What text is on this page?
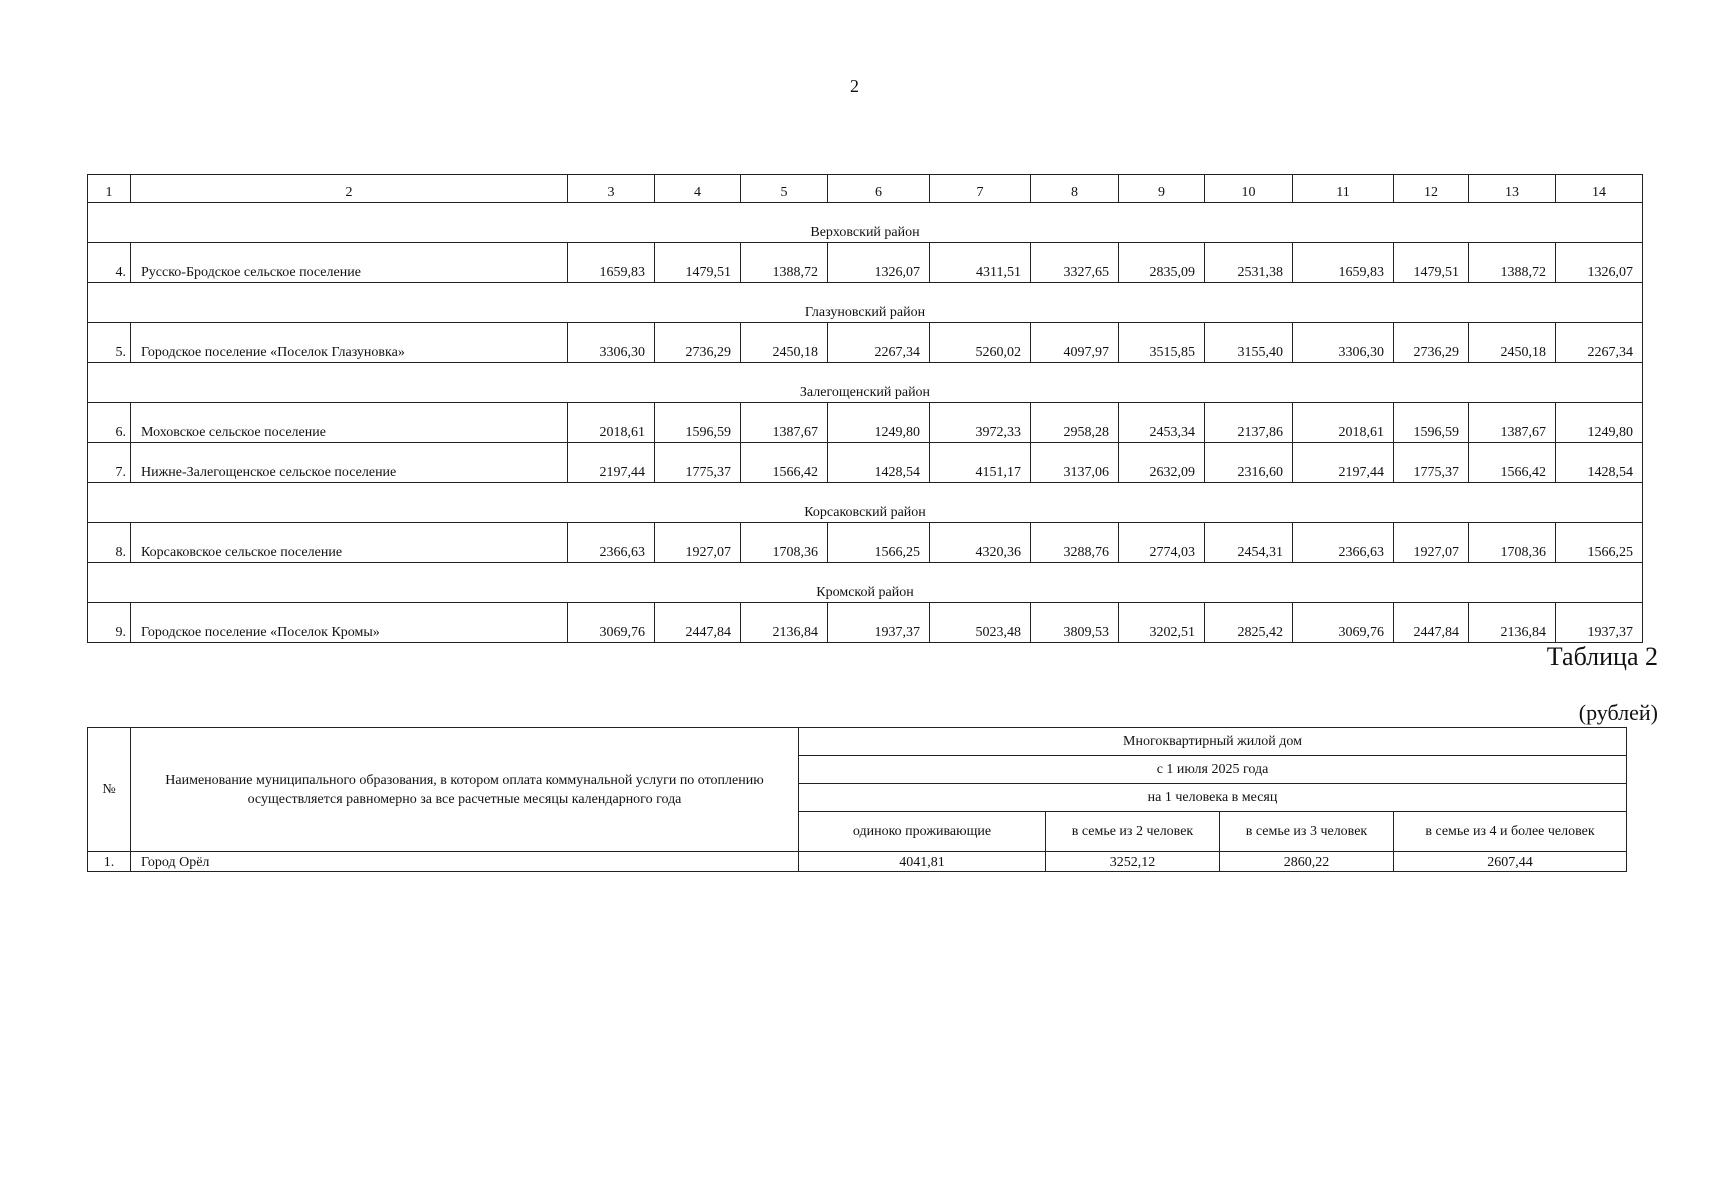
2
1	2	3	4	5	6	7	8	9	10	11	12	13	14
Верховский район													
4.	Русско-Бродское сельское поселение	1659,83	1479,51	1388,72	1326,07	4311,51	3327,65	2835,09	2531,38	1659,83	1479,51	1388,72	1326,07
Глазуновский район													
5.	Городское поселение «Поселок Глазуновка»	3306,30	2736,29	2450,18	2267,34	5260,02	4097,97	3515,85	3155,40	3306,30	2736,29	2450,18	2267,34
Залегощенский район													
6.	Моховское сельское поселение	2018,61	1596,59	1387,67	1249,80	3972,33	2958,28	2453,34	2137,86	2018,61	1596,59	1387,67	1249,80
7.	Нижне-Залегощенское сельское поселение	2197,44	1775,37	1566,42	1428,54	4151,17	3137,06	2632,09	2316,60	2197,44	1775,37	1566,42	1428,54
Корсаковский район													
8.	Корсаковское сельское поселение	2366,63	1927,07	1708,36	1566,25	4320,36	3288,76	2774,03	2454,31	2366,63	1927,07	1708,36	1566,25
Кромской район													
9.	Городское поселение «Поселок Кромы»	3069,76	2447,84	2136,84	1937,37	5023,48	3809,53	3202,51	2825,42	3069,76	2447,84	2136,84	1937,37
Таблица 2
(рублей)
№	Наименование муниципального образования, в котором оплата коммунальной услуги по отоплению осуществляется равномерно за все расчетные месяцы календарного года	Многоквартирный жилой дом			
		с 1 июля 2025 года			
		на 1 человека в месяц			
		одиноко проживающие	в семье из 2 человек	в семье из 3 человек	в семье из 4 и более человек
1.	Город Орёл	4041,81	3252,12	2860,22	2607,44
